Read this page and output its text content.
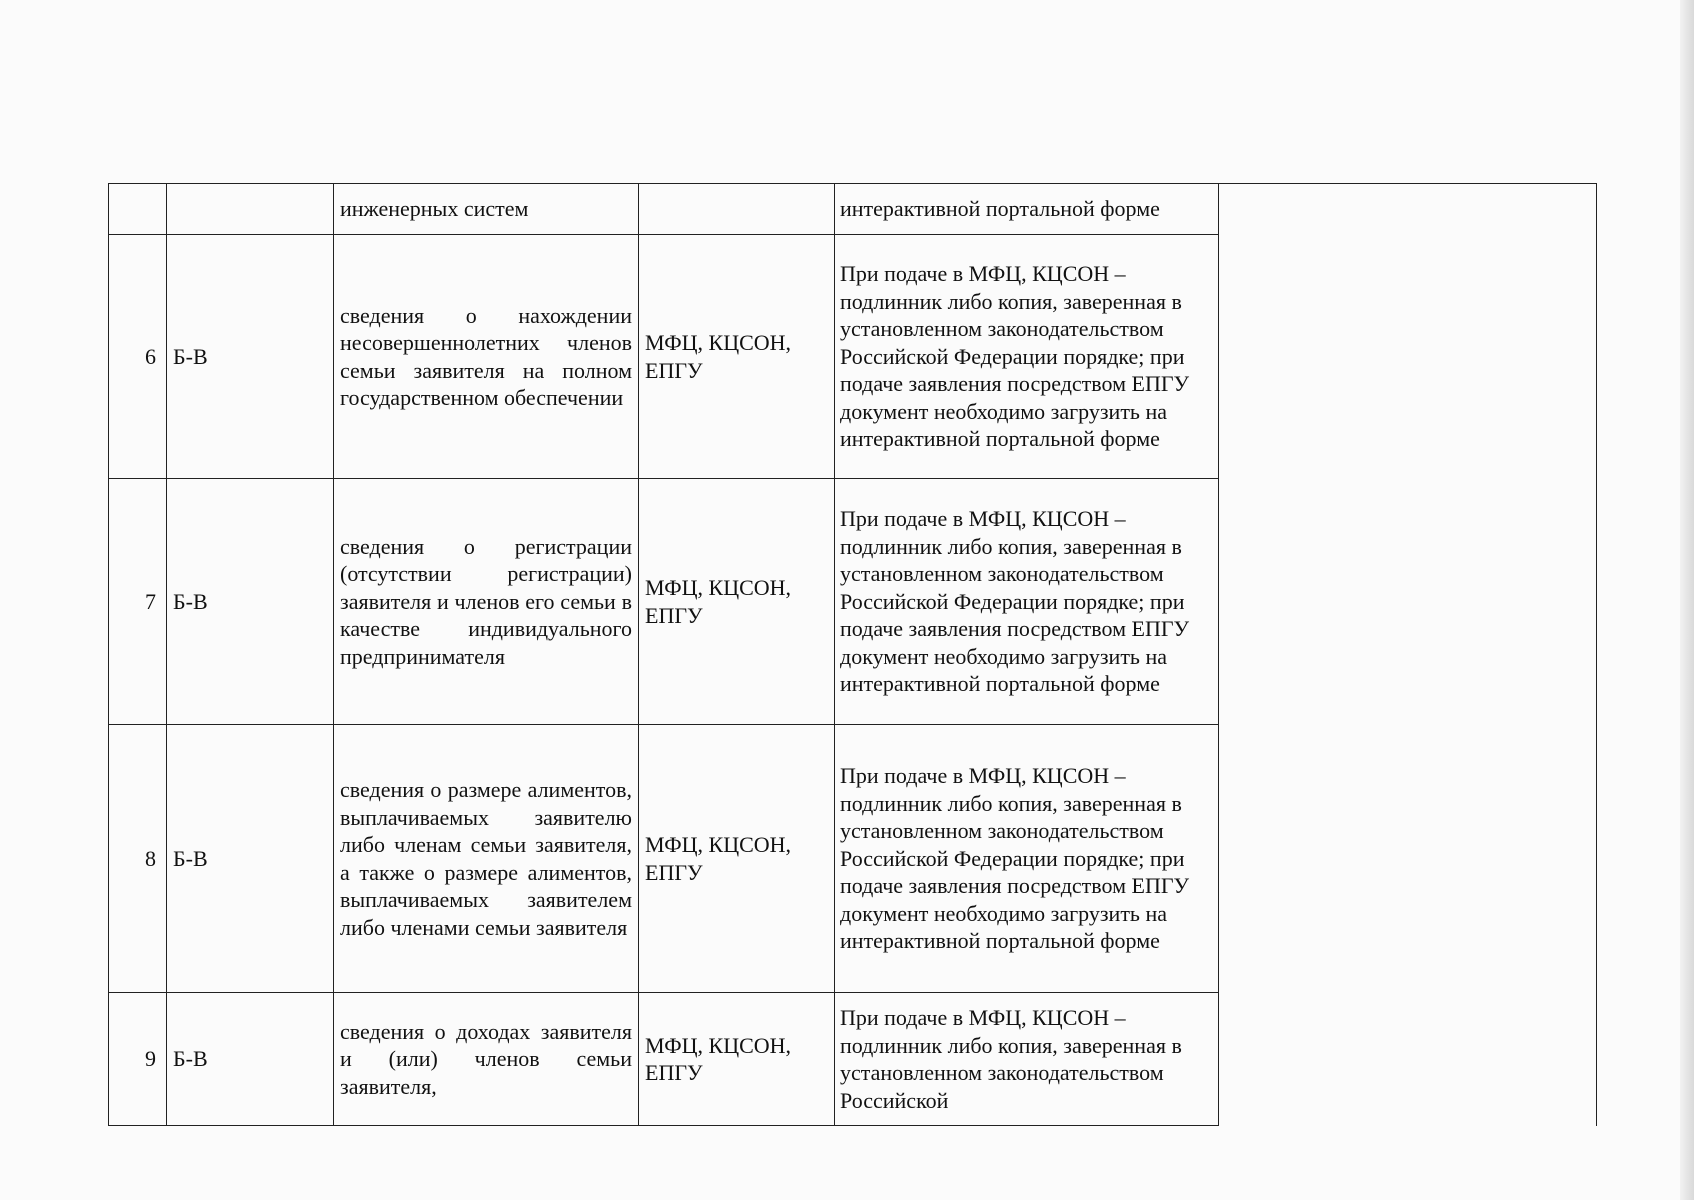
		инженерных систем		интерактивной портальной форме	
6	Б-В	сведения о нахождении несовершеннолетних членов семьи заявителя на полном государственном обеспечении	МФЦ, КЦСОН, ЕПГУ	При подаче в МФЦ, КЦСОН – подлинник либо копия, заверенная в установленном законодательством Российской Федерации порядке; при подаче заявления посредством ЕПГУ документ необходимо загрузить на интерактивной портальной форме	
7	Б-В	сведения о регистрации (отсутствии регистрации) заявителя и членов его семьи в качестве индивидуального предпринимателя	МФЦ, КЦСОН, ЕПГУ	При подаче в МФЦ, КЦСОН – подлинник либо копия, заверенная в установленном законодательством Российской Федерации порядке; при подаче заявления посредством ЕПГУ документ необходимо загрузить на интерактивной портальной форме	
8	Б-В	сведения о размере алиментов, выплачиваемых заявителю либо членам семьи заявителя, а также о размере алиментов, выплачиваемых заявителем либо членами семьи заявителя	МФЦ, КЦСОН, ЕПГУ	При подаче в МФЦ, КЦСОН – подлинник либо копия, заверенная в установленном законодательством Российской Федерации порядке; при подаче заявления посредством ЕПГУ документ необходимо загрузить на интерактивной портальной форме	
9	Б-В	сведения о доходах заявителя и (или) членов семьи заявителя,	МФЦ, КЦСОН, ЕПГУ	При подаче в МФЦ, КЦСОН – подлинник либо копия, заверенная в установленном законодательством Российской	
